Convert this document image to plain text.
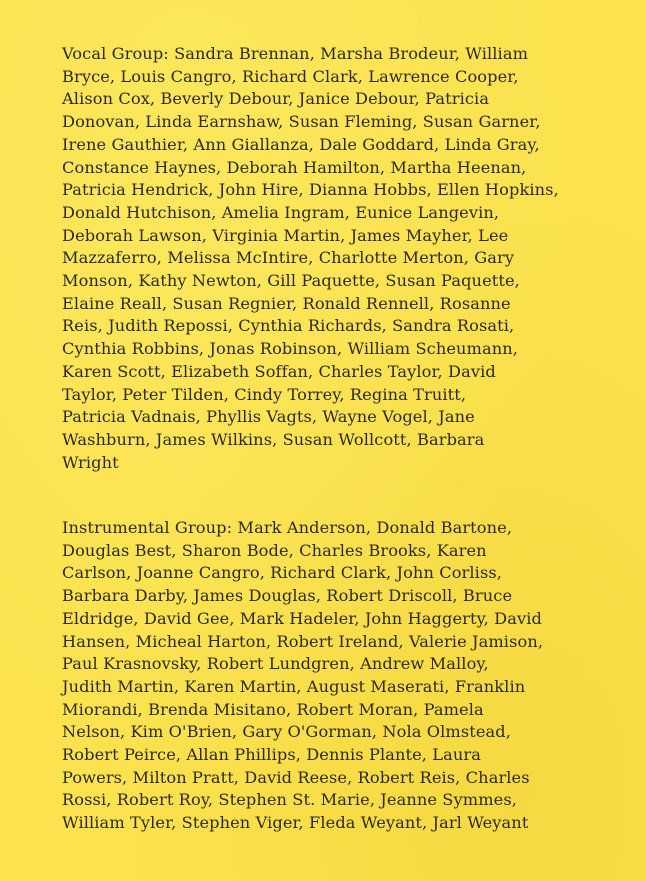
Vocal Group: Sandra Brennan, Marsha Brodeur, William
Bryce, Louis Cangro, Richard Clark, Lawrence Cooper,
Alison Cox, Beverly Debour, Janice Debour, Patricia
Donovan, Linda Earnshaw, Susan Fleming, Susan Garner,
Irene Gauthier, Ann Giallanza, Dale Goddard, Linda Gray,
Constance Haynes, Deborah Hamilton, Martha Heenan,
Patricia Hendrick, John Hire, Dianna Hobbs, Ellen Hopkins,
Donald Hutchison, Amelia Ingram, Eunice Langevin,
Deborah Lawson, Virginia Martin, James Mayher, Lee
Mazzaferro, Melissa McIntire, Charlotte Merton, Gary
Monson, Kathy Newton, Gill Paquette, Susan Paquette,
Elaine Reall, Susan Regnier, Ronald Rennell, Rosanne
Reis, Judith Repossi, Cynthia Richards, Sandra Rosati,
Cynthia Robbins, Jonas Robinson, William Scheumann,
Karen Scott, Elizabeth Soffan, Charles Taylor, David
Taylor, Peter Tilden, Cindy Torrey, Regina Truitt,
Patricia Vadnais, Phyllis Vagts, Wayne Vogel, Jane
Washburn, James Wilkins, Susan Wollcott, Barbara
Wright

Instrumental Group: Mark Anderson, Donald Bartone,
Douglas Best, Sharon Bode, Charles Brooks, Karen
Carlson, Joanne Cangro, Richard Clark, John Corliss,
Barbara Darby, James Douglas, Robert Driscoll, Bruce
Eldridge, David Gee, Mark Hadeler, John Haggerty, David
Hansen, Micheal Harton, Robert Ireland, Valerie Jamison,
Paul Krasnovsky, Robert Lundgren, Andrew Malloy,
Judith Martin, Karen Martin, August Maserati, Franklin
Miorandi, Brenda Misitano, Robert Moran, Pamela
Nelson, Kim O'Brien, Gary O'Gorman, Nola Olmstead,
Robert Peirce, Allan Phillips, Dennis Plante, Laura
Powers, Milton Pratt, David Reese, Robert Reis, Charles
Rossi, Robert Roy, Stephen St. Marie, Jeanne Symmes,
William Tyler, Stephen Viger, Fleda Weyant, Jarl Weyant
